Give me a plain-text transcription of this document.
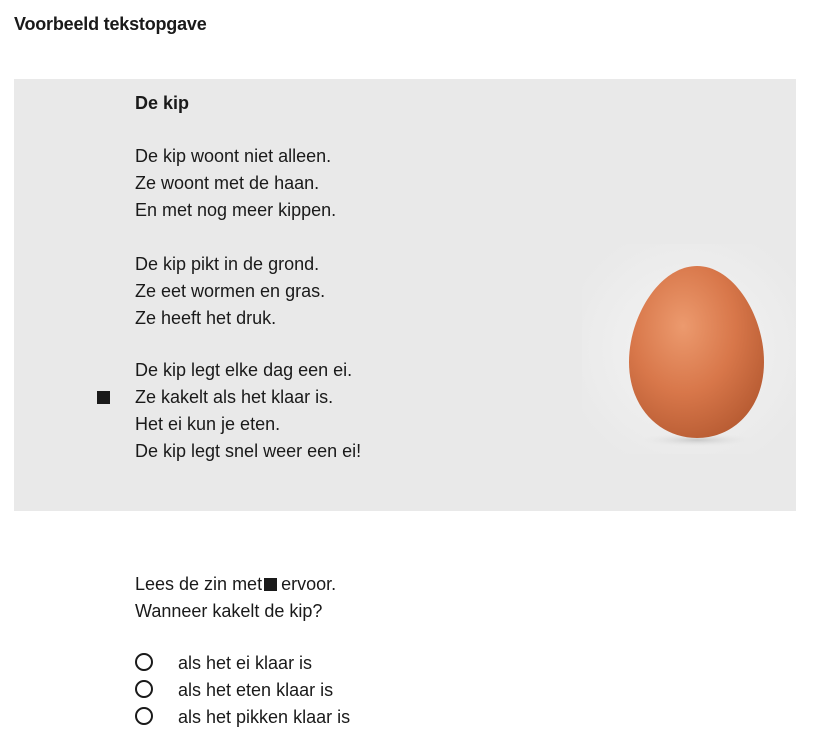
Voorbeeld tekstopgave
De kip
De kip woont niet alleen.
Ze woont met de haan.
En met nog meer kippen.
De kip pikt in de grond.
Ze eet wormen en gras.
Ze heeft het druk.
De kip legt elke dag een ei.
Ze kakelt als het klaar is.
Het ei kun je eten.
De kip legt snel weer een ei!
Lees de zin met ervoor.
Wanneer kakelt de kip?
als het ei klaar is
als het eten klaar is
als het pikken klaar is
